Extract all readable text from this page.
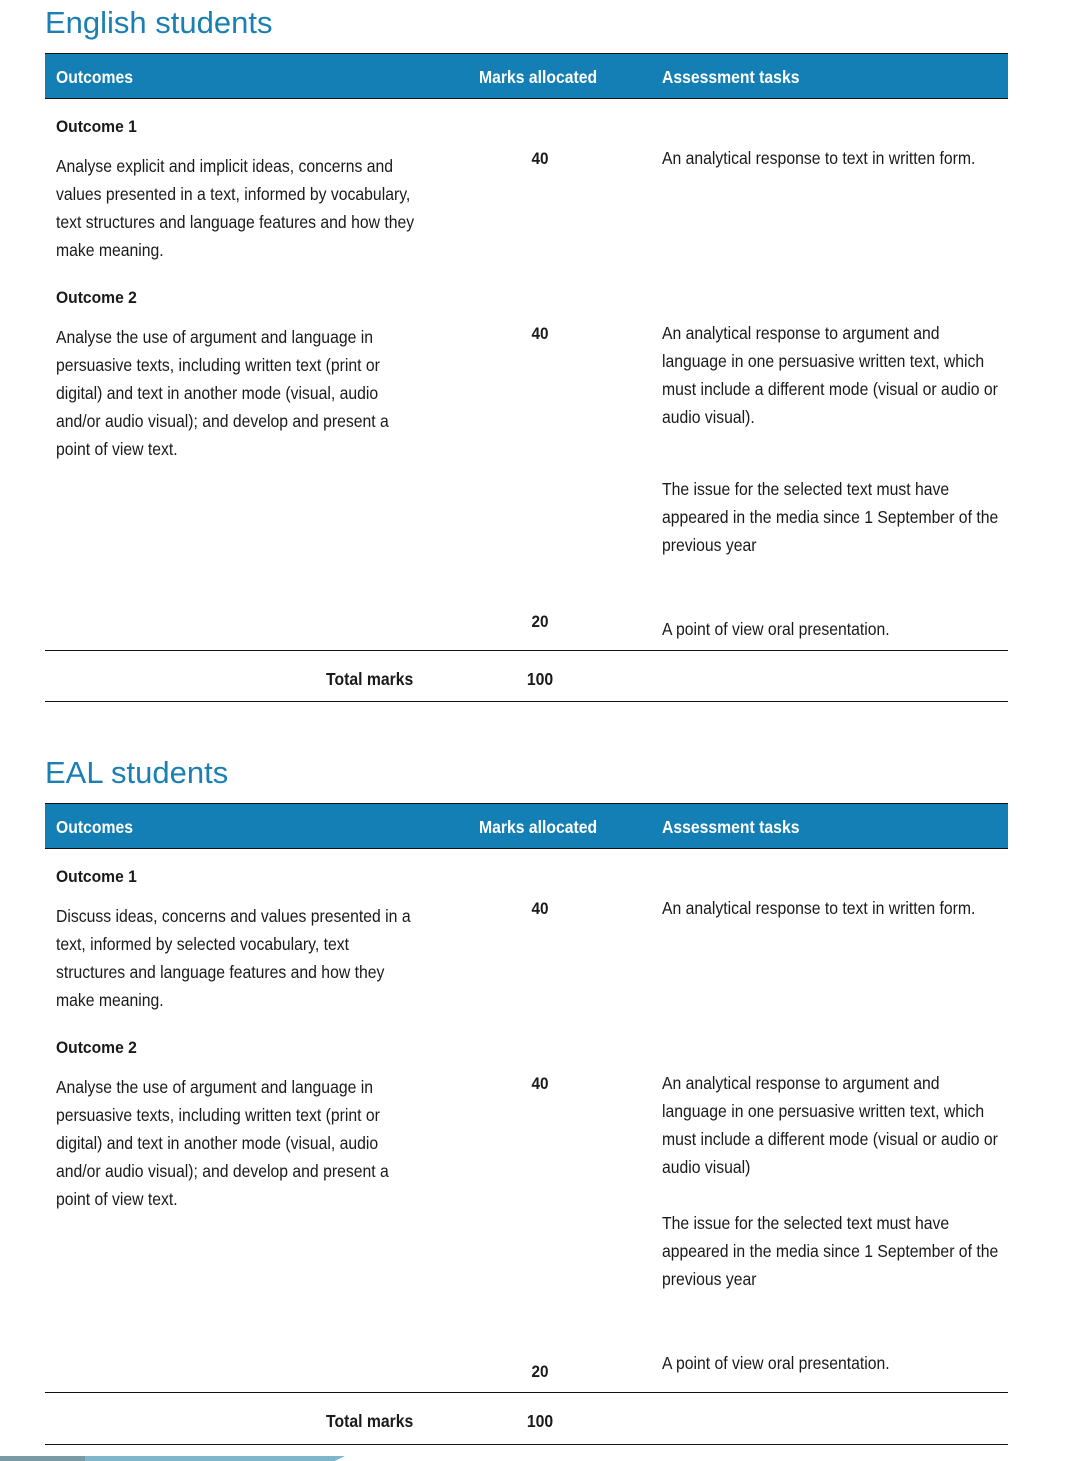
English students
Outcomes	Marks allocated	Assessment tasks
Outcome 1
Analyse explicit and implicit ideas, concerns and values presented in a text, informed by vocabulary, text structures and language features and how they make meaning.
40	An analytical response to text in written form.
Outcome 2
Analyse the use of argument and language in persuasive texts, including written text (print or digital) and text in another mode (visual, audio and/or audio visual); and develop and present a point of view text.
40	An analytical response to argument and language in one persuasive written text, which must include a different mode (visual or audio or audio visual).
The issue for the selected text must have appeared in the media since 1 September of the previous year
20	A point of view oral presentation.
Total marks	100
EAL students
Outcomes	Marks allocated	Assessment tasks
Outcome 1
Discuss ideas, concerns and values presented in a text, informed by selected vocabulary, text structures and language features and how they make meaning.
40	An analytical response to text in written form.
Outcome 2
Analyse the use of argument and language in persuasive texts, including written text (print or digital) and text in another mode (visual, audio and/or audio visual); and develop and present a point of view text.
40	An analytical response to argument and language in one persuasive written text, which must include a different mode (visual or audio or audio visual)
The issue for the selected text must have appeared in the media since 1 September of the previous year
20	A point of view oral presentation.
Total marks	100
